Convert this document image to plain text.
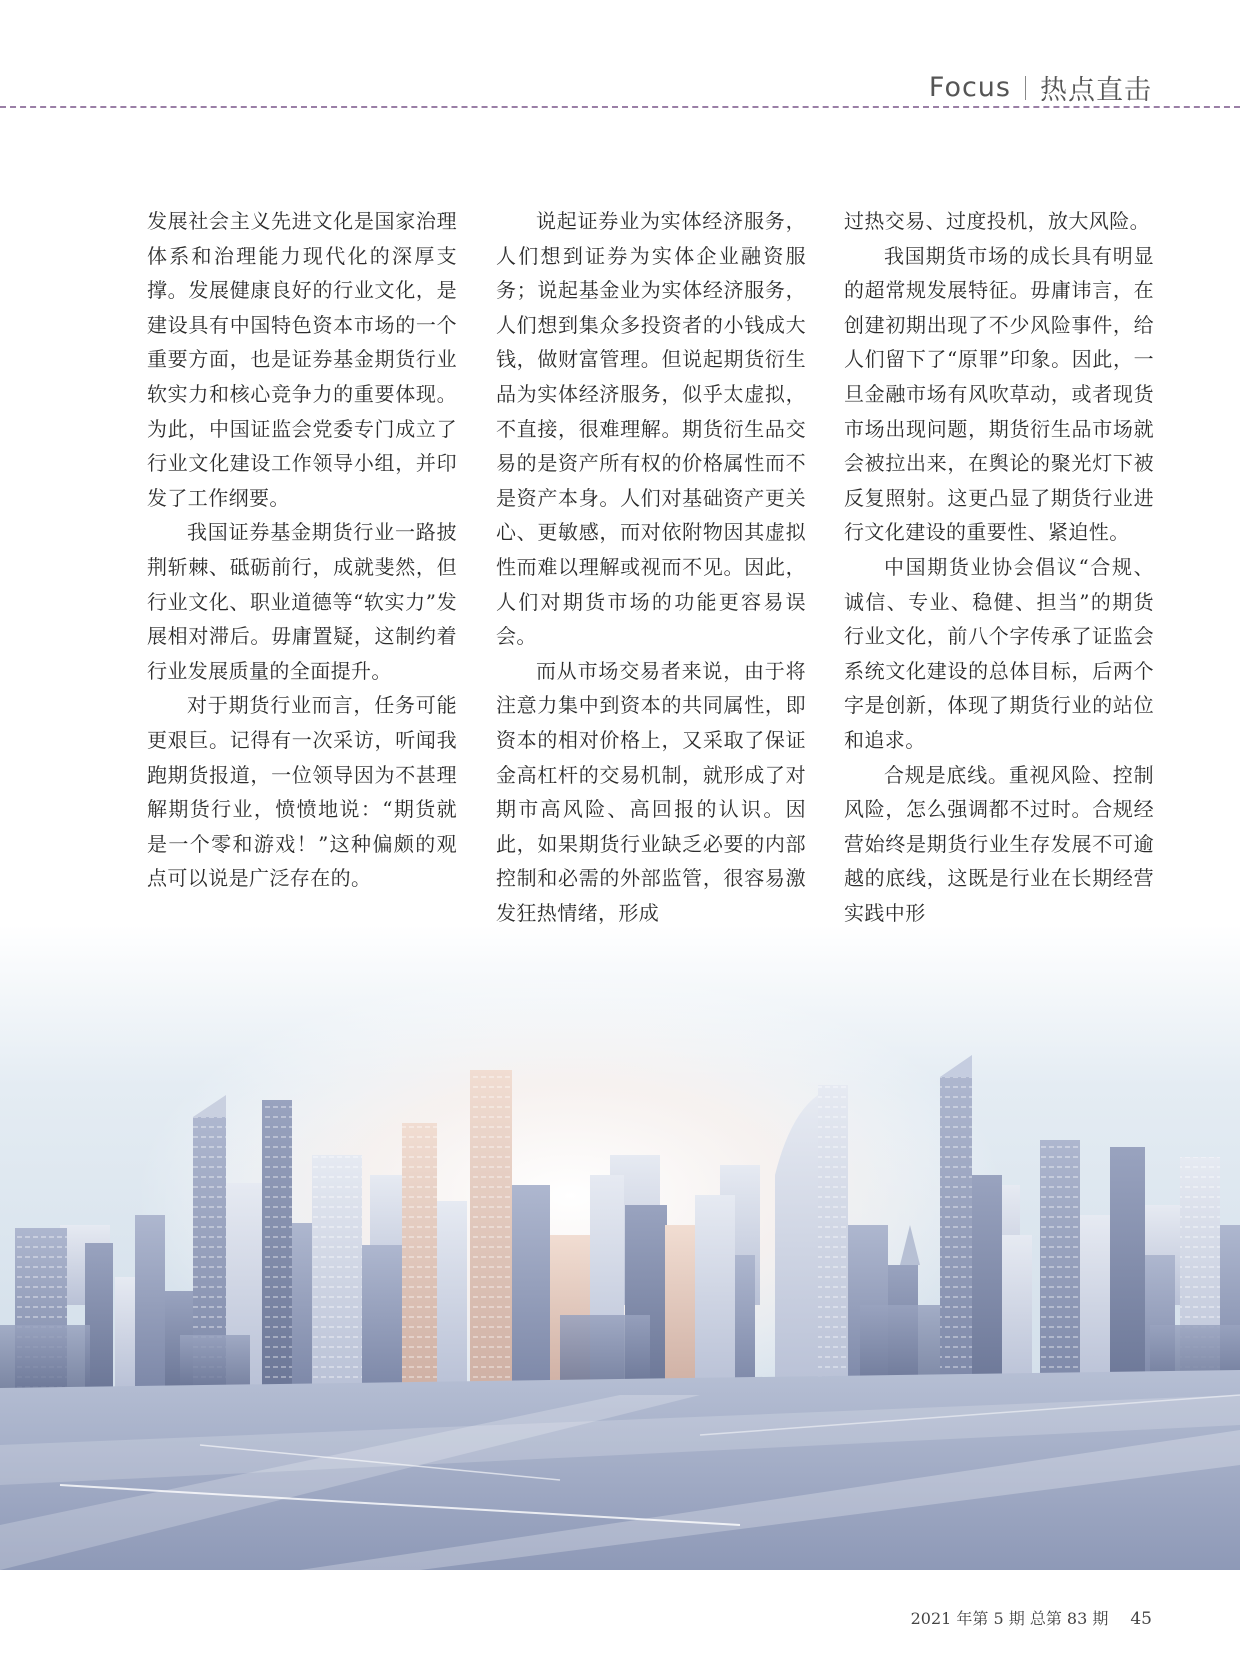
Focus 热点直击

发展社会主义先进文化是国家治理体系和治理能力现代化的深厚支撑。发展健康良好的行业文化，是建设具有中国特色资本市场的一个重要方面，也是证券基金期货行业软实力和核心竞争力的重要体现。为此，中国证监会党委专门成立了行业文化建设工作领导小组，并印发了工作纲要。

我国证券基金期货行业一路披荆斩棘、砥砺前行，成就斐然，但行业文化、职业道德等“软实力”发展相对滞后。毋庸置疑，这制约着行业发展质量的全面提升。

对于期货行业而言，任务可能更艰巨。记得有一次采访，听闻我跑期货报道，一位领导因为不甚理解期货行业，愤愤地说：“期货就是一个零和游戏！”这种偏颇的观点可以说是广泛存在的。

说起证券业为实体经济服务，人们想到证券为实体企业融资服务；说起基金业为实体经济服务，人们想到集众多投资者的小钱成大钱，做财富管理。但说起期货衍生品为实体经济服务，似乎太虚拟，不直接，很难理解。期货衍生品交易的是资产所有权的价格属性而不是资产本身。人们对基础资产更关心、更敏感，而对依附物因其虚拟性而难以理解或视而不见。因此，人们对期货市场的功能更容易误会。

而从市场交易者来说，由于将注意力集中到资本的共同属性，即资本的相对价格上，又采取了保证金高杠杆的交易机制，就形成了对期市高风险、高回报的认识。因此，如果期货行业缺乏必要的内部控制和必需的外部监管，很容易激发狂热情绪，形成

过热交易、过度投机，放大风险。

我国期货市场的成长具有明显的超常规发展特征。毋庸讳言，在创建初期出现了不少风险事件，给人们留下了“原罪”印象。因此，一旦金融市场有风吹草动，或者现货市场出现问题，期货衍生品市场就会被拉出来，在舆论的聚光灯下被反复照射。这更凸显了期货行业进行文化建设的重要性、紧迫性。

中国期货业协会倡议“合规、诚信、专业、稳健、担当”的期货行业文化，前八个字传承了证监会系统文化建设的总体目标，后两个字是创新，体现了期货行业的站位和追求。

合规是底线。重视风险、控制风险，怎么强调都不过时。合规经营始终是期货行业生存发展不可逾越的底线，这既是行业在长期经营实践中形

2021 年第 5 期 总第 83 期 45
